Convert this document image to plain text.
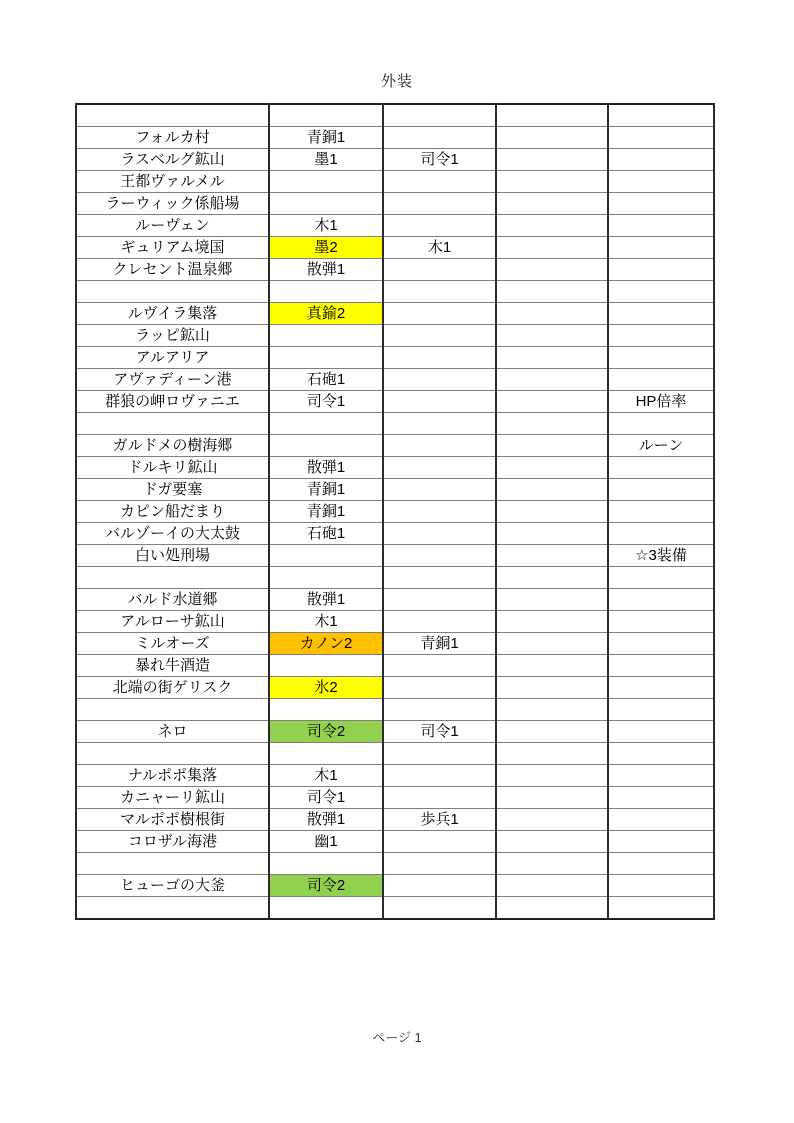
外装

フォルカ村	青銅1			
ラスベルグ鉱山	墨1	司令1		
王都ヴァルメル				
ラーウィック係船場				
ルーヴェン	木1			
ギュリアム境国	墨2	木1		
クレセント温泉郷	散弾1			

ルヴイラ集落	真鍮2			
ラッピ鉱山				
アルアリア				
アヴァディーン港	石砲1			
群狼の岬ロヴァニエ	司令1			HP倍率

ガルドメの樹海郷				ルーン
ドルキリ鉱山	散弾1			
ドガ要塞	青銅1			
カピン船だまり	青銅1			
バルゾーイの大太鼓	石砲1			
白い処刑場				☆3装備

バルド水道郷	散弾1			
アルローサ鉱山	木1			
ミルオーズ	カノン2	青銅1		
暴れ牛酒造				
北端の街ゲリスク	氷2			

ネロ	司令2	司令1		

ナルポポ集落	木1			
カニャーリ鉱山	司令1			
マルポポ樹根街	散弾1	歩兵1		
コロザル海港	幽1			

ヒューゴの大釜	司令2			

ページ 1
